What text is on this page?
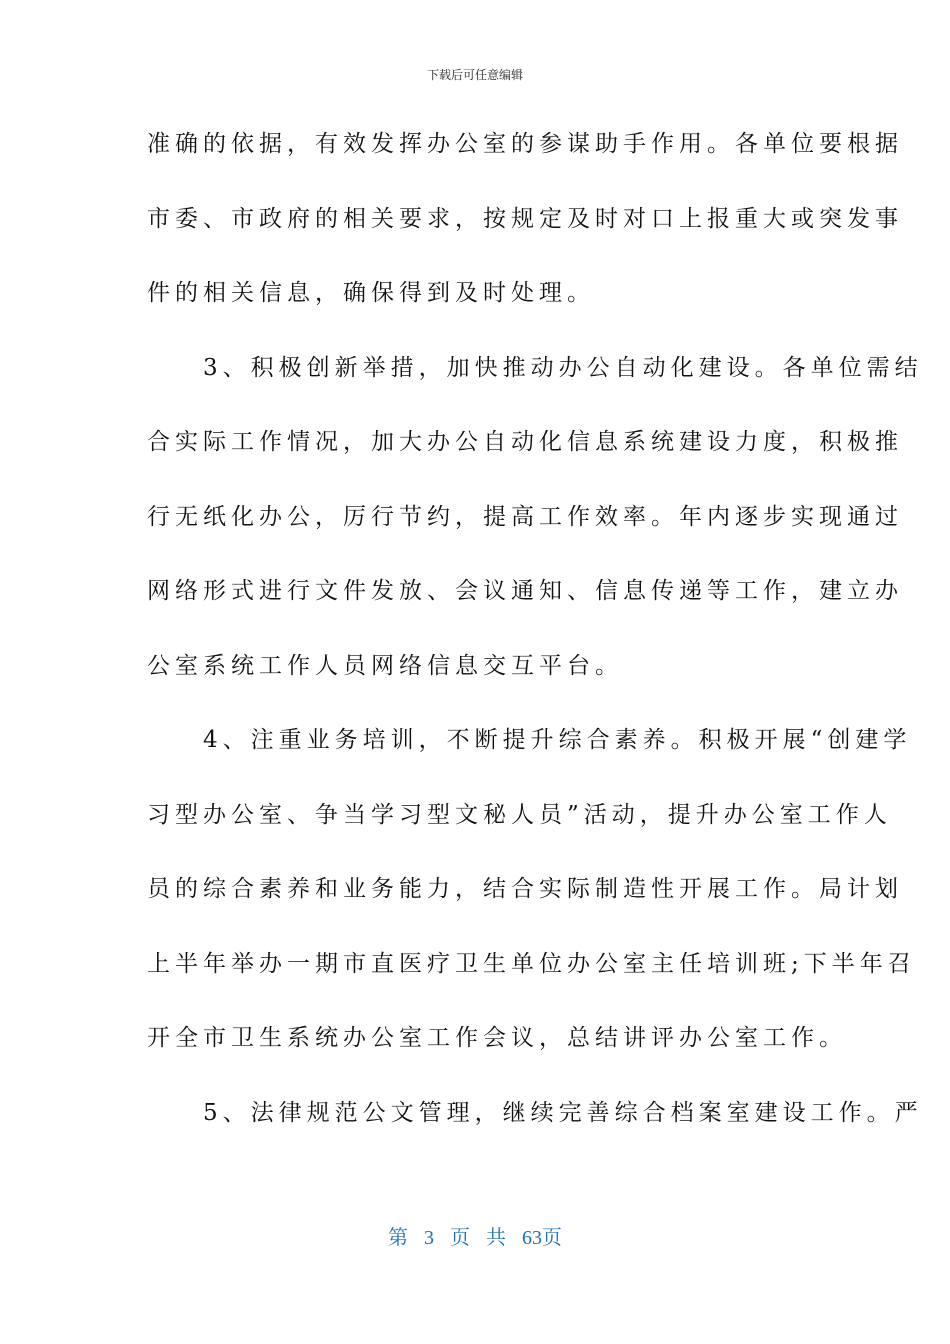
下载后可任意编辑
准确的依据，有效发挥办公室的参谋助手作用。各单位要根据
市委、市政府的相关要求，按规定及时对口上报重大或突发事
件的相关信息，确保得到及时处理。
　　3、积极创新举措，加快推动办公自动化建设。各单位需结
合实际工作情况，加大办公自动化信息系统建设力度，积极推
行无纸化办公，厉行节约，提高工作效率。年内逐步实现通过
网络形式进行文件发放、会议通知、信息传递等工作，建立办
公室系统工作人员网络信息交互平台。
　　4、注重业务培训，不断提升综合素养。积极开展“创建学
习型办公室、争当学习型文秘人员”活动，提升办公室工作人
员的综合素养和业务能力，结合实际制造性开展工作。局计划
上半年举办一期市直医疗卫生单位办公室主任培训班;下半年召
开全市卫生系统办公室工作会议，总结讲评办公室工作。
　　5、法律规范公文管理，继续完善综合档案室建设工作。严
第 3 页 共 63页
